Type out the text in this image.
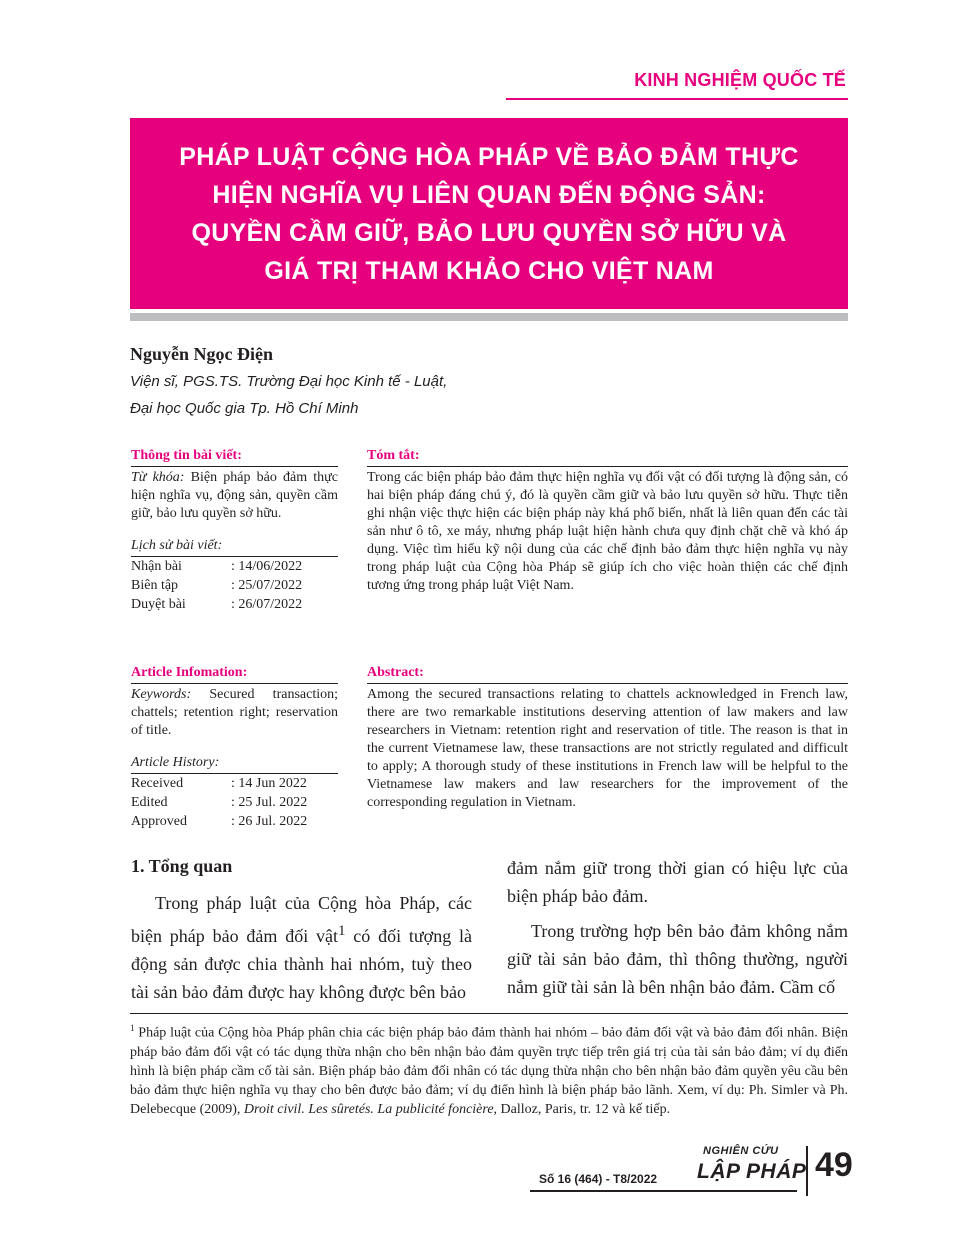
KINH NGHIỆM QUỐC TẾ
PHÁP LUẬT CỘNG HÒA PHÁP VỀ BẢO ĐẢM THỰC HIỆN NGHĨA VỤ LIÊN QUAN ĐẾN ĐỘNG SẢN: QUYỀN CẦM GIỮ, BẢO LƯU QUYỀN SỞ HỮU VÀ GIÁ TRỊ THAM KHẢO CHO VIỆT NAM
Nguyễn Ngọc Điện
Viện sĩ, PGS.TS. Trường Đại học Kinh tế - Luật,
Đại học Quốc gia Tp. Hồ Chí Minh
Thông tin bài viết:
Từ khóa: Biện pháp bảo đảm thực hiện nghĩa vụ, động sản, quyền cầm giữ, bảo lưu quyền sở hữu.
Lịch sử bài viết:
Nhận bài	: 14/06/2022
Biên tập	: 25/07/2022
Duyệt bài	: 26/07/2022
Tóm tắt:
Trong các biện pháp bảo đảm thực hiện nghĩa vụ đối vật có đối tượng là động sản, có hai biện pháp đáng chú ý, đó là quyền cầm giữ và bảo lưu quyền sở hữu. Thực tiễn ghi nhận việc thực hiện các biện pháp này khá phổ biến, nhất là liên quan đến các tài sản như ô tô, xe máy, nhưng pháp luật hiện hành chưa quy định chặt chẽ và khó áp dụng. Việc tìm hiểu kỹ nội dung của các chế định bảo đảm thực hiện nghĩa vụ này trong pháp luật của Cộng hòa Pháp sẽ giúp ích cho việc hoàn thiện các chế định tương ứng trong pháp luật Việt Nam.
Article Infomation:
Keywords: Secured transaction; chattels; retention right; reservation of title.
Article History:
Received	: 14 Jun 2022
Edited	: 25 Jul. 2022
Approved	: 26 Jul. 2022
Abstract:
Among the secured transactions relating to chattels acknowledged in French law, there are two remarkable institutions deserving attention of law makers and law researchers in Vietnam: retention right and reservation of title. The reason is that in the current Vietnamese law, these transactions are not strictly regulated and difficult to apply; A thorough study of these institutions in French law will be helpful to the Vietnamese law makers and law researchers for the improvement of the corresponding regulation in Vietnam.
1. Tổng quan

Trong pháp luật của Cộng hòa Pháp, các biện pháp bảo đảm đối vật$^1$ có đối tượng là động sản được chia thành hai nhóm, tuỳ theo tài sản bảo đảm được hay không được bên bảo

đảm nắm giữ trong thời gian có hiệu lực của biện pháp bảo đảm.

Trong trường hợp bên bảo đảm không nắm giữ tài sản bảo đảm, thì thông thường, người nắm giữ tài sản là bên nhận bảo đảm. Cầm cố

$^1$ Pháp luật của Cộng hòa Pháp phân chia các biện pháp bảo đảm thành hai nhóm – bảo đảm đối vật và bảo đảm đối nhân. Biện pháp bảo đảm đối vật có tác dụng thừa nhận cho bên nhận bảo đảm quyền trực tiếp trên giá trị của tài sản bảo đảm; ví dụ điển hình là biện pháp cầm cố tài sản. Biện pháp bảo đảm đối nhân có tác dụng thừa nhận cho bên nhận bảo đảm quyền yêu cầu bên bảo đảm thực hiện nghĩa vụ thay cho bên được bảo đảm; ví dụ điển hình là biện pháp bảo lãnh. Xem, ví dụ: Ph. Simler và Ph. Delebecque (2009), Droit civil. Les sûretés. La publicité foncière, Dalloz, Paris, tr. 12 và kế tiếp.
Số 16 (464) - T8/2022
NGHIÊN CỨU
LẬP PHÁP 49
